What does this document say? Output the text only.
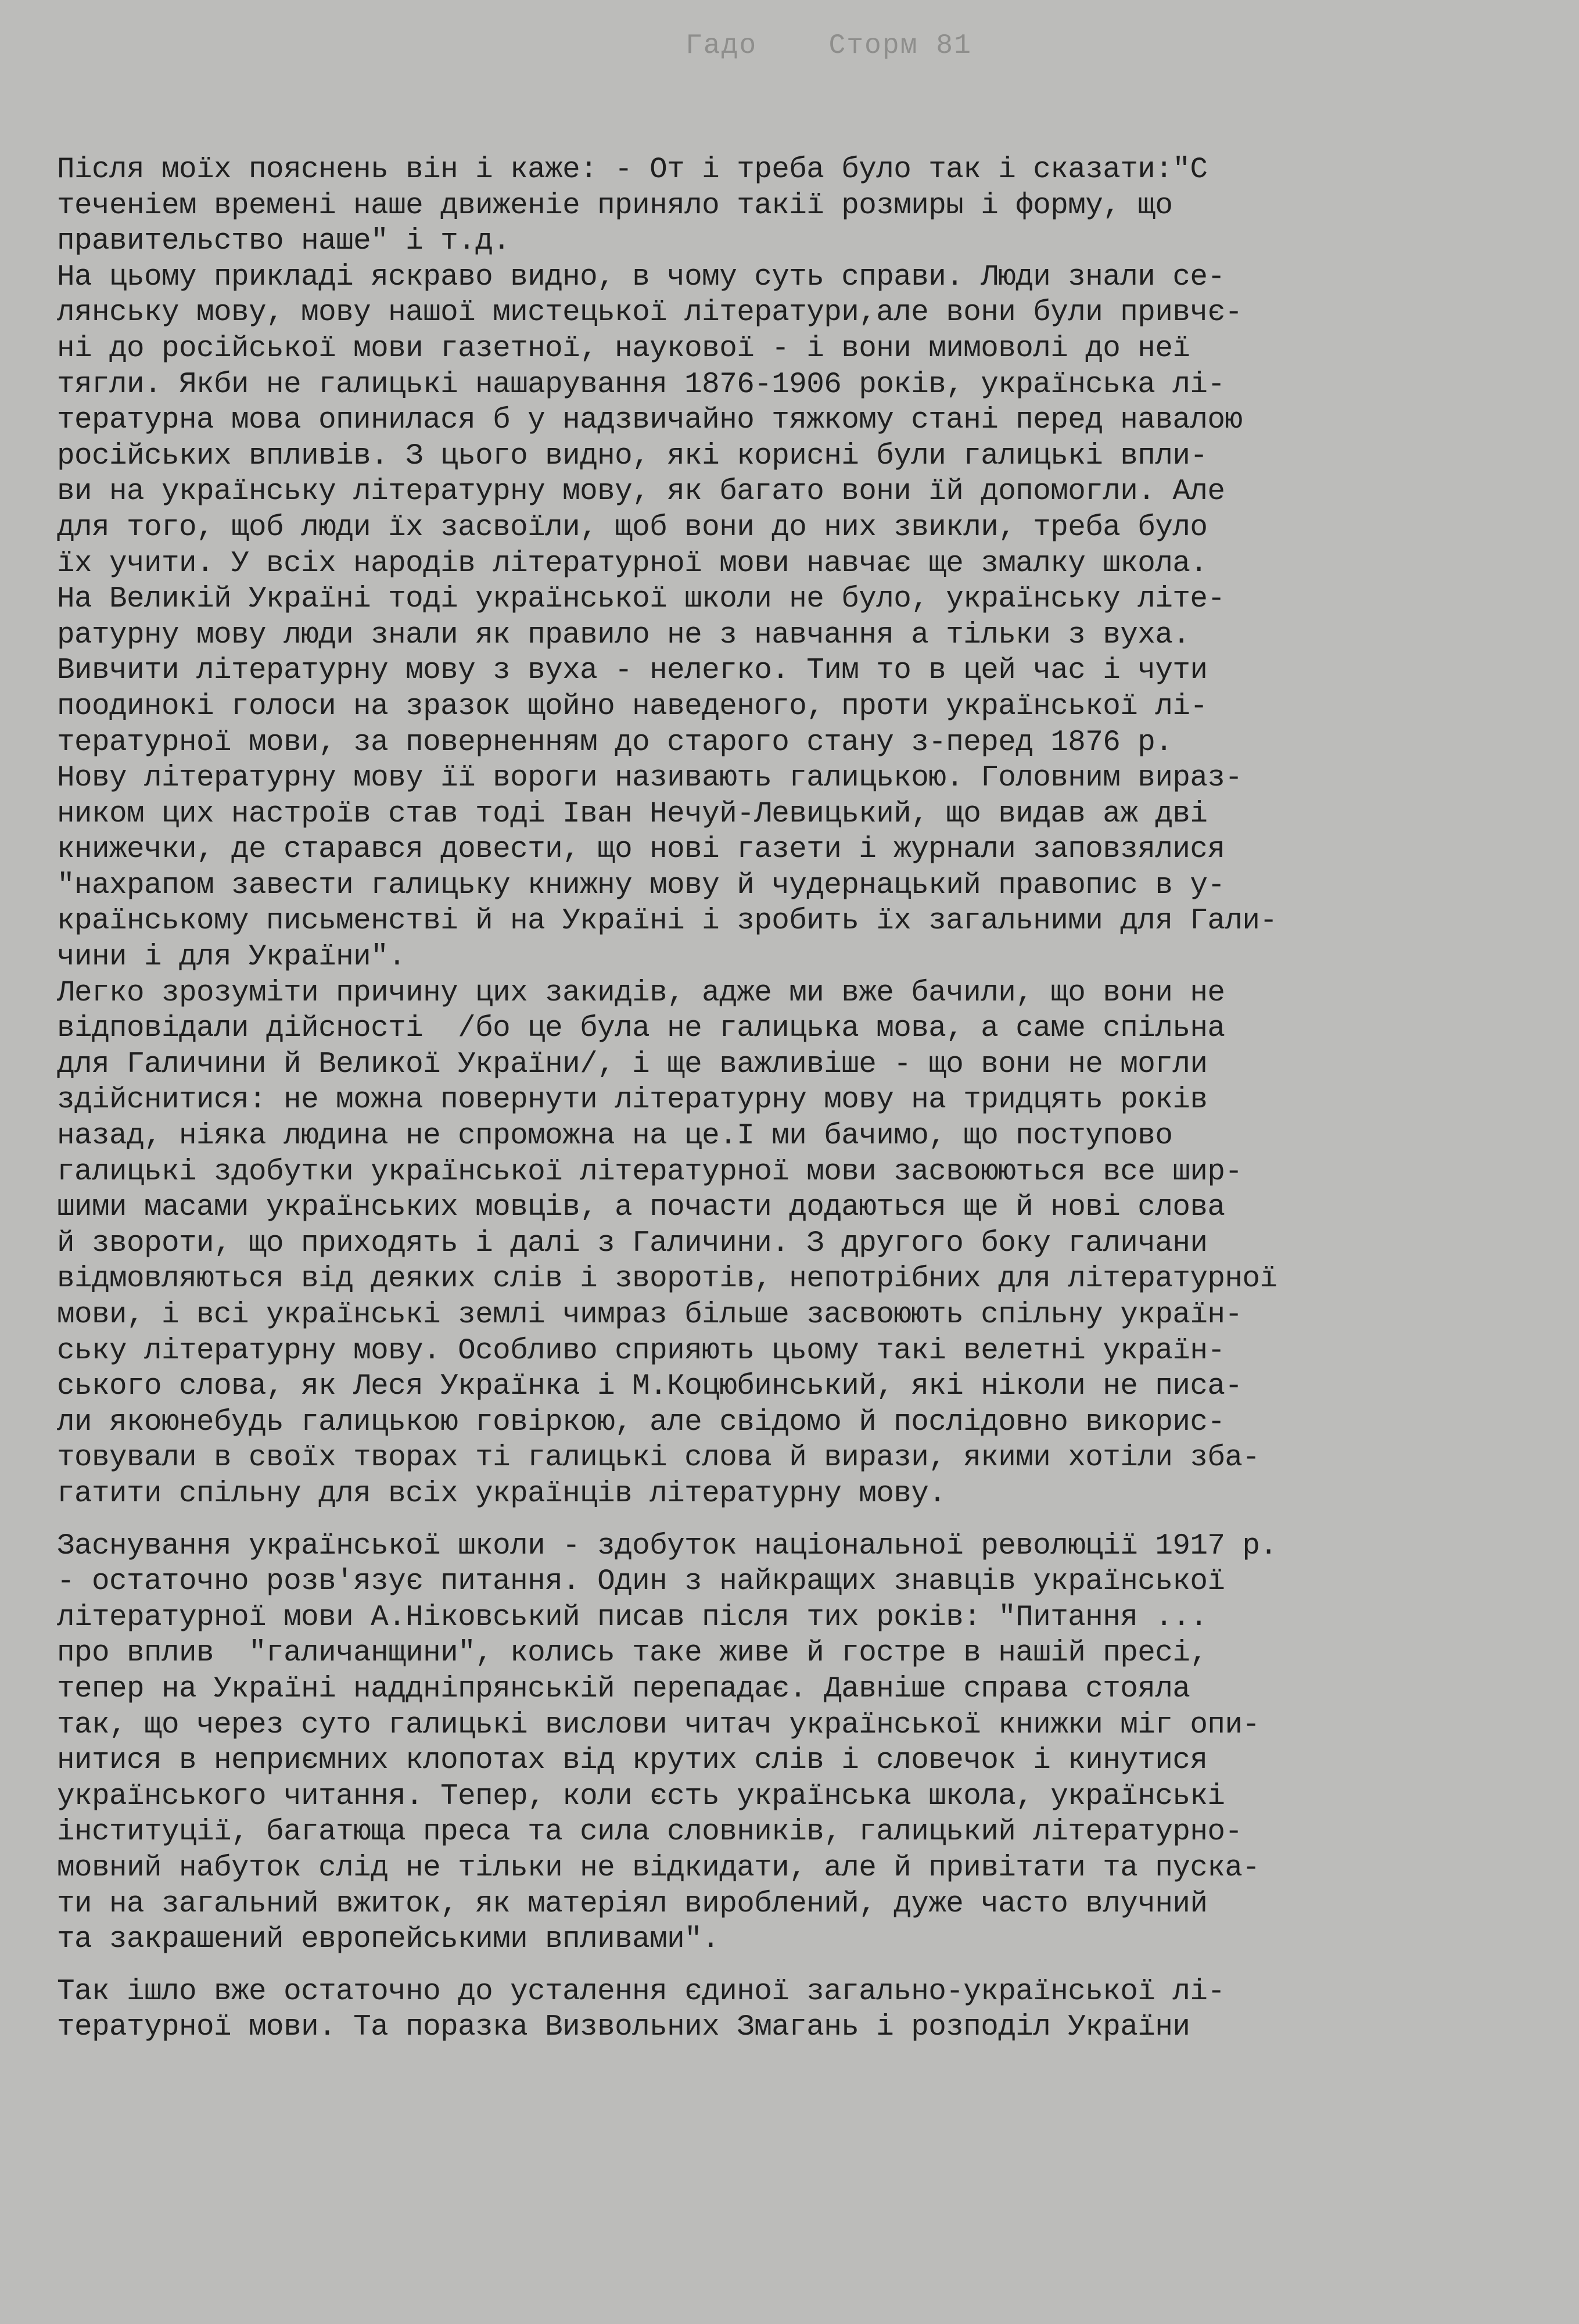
Гадо    Сторм 81
Після моїх пояснень він і каже: - От і треба було так і сказати:"С
теченіем времені наше движеніе приняло такії розмиры і форму, що
правительство наше" і т.д.
На цьому прикладі яскраво видно, в чому суть справи. Люди знали се-
лянську мову, мову нашої мистецької літератури,але вони були привчє-
ні до російської мови газетної, наукової - і вони мимоволі до неї
тягли. Якби не галицькі нашарування 1876-1906 років, українська лі-
тературна мова опинилася б у надзвичайно тяжкому стані перед навалою
російських впливів. З цього видно, які корисні були галицькі впли-
ви на українську літературну мову, як багато вони їй допомогли. Але
для того, щоб люди їх засвоїли, щоб вони до них звикли, треба було
їх учити. У всіх народів літературної мови навчає ще змалку школа.
На Великій Україні тоді української школи не було, українську літе-
ратурну мову люди знали як правило не з навчання а тільки з вуха.
Вивчити літературну мову з вуха - нелегко. Тим то в цей час і чути
поодинокі голоси на зразок щойно наведеного, проти української лі-
тературної мови, за поверненням до старого стану з-перед 1876 р.
Нову літературну мову її вороги називають галицькою. Головним вираз-
ником цих настроїв став тоді Іван Нечуй-Левицький, що видав аж дві
книжечки, де старався довести, що нові газети і журнали заповзялися
"нахрапом завести галицьку книжну мову й чудернацький правопис в у-
країнському письменстві й на Україні і зробить їх загальними для Гали-
чини і для України".
Легко зрозуміти причину цих закидів, адже ми вже бачили, що вони не
відповідали дійсності  /бо це була не галицька мова, а саме спільна
для Галичини й Великої України/, і ще важливіше - що вони не могли
здійснитися: не можна повернути літературну мову на тридцять років
назад, ніяка людина не спроможна на це.І ми бачимо, що поступово
галицькі здобутки української літературної мови засвоюються все шир-
шими масами українських мовців, а почасти додаються ще й нові слова
й звороти, що приходять і далі з Галичини. З другого боку галичани
відмовляються від деяких слів і зворотів, непотрібних для літературної
мови, і всі українські землі чимраз більше засвоюють спільну україн-
ську літературну мову. Особливо сприяють цьому такі велетні україн-
ського слова, як Леся Українка і М.Коцюбинський, які ніколи не писа-
ли якоюнебудь галицькою говіркою, але свідомо й послідовно викорис-
товували в своїх творах ті галицькі слова й вирази, якими хотіли зба-
гатити спільну для всіх українців літературну мову.
Заснування української школи - здобуток національної революції 1917 р.
- остаточно розв'язує питання. Один з найкращих знавців української
літературної мови А.Ніковський писав після тих років: "Питання ...
про вплив  "галичанщини", колись таке живе й гостре в нашій пресі,
тепер на Україні наддніпрянській перепадає. Давніше справа стояла
так, що через суто галицькі вислови читач української книжки міг опи-
нитися в неприємних клопотах від крутих слів і словечок і кинутися
українського читання. Тепер, коли єсть українська школа, українські
інституції, багатюща преса та сила словників, галицький літературно-
мовний набуток слід не тільки не відкидати, але й привітати та пуска-
ти на загальний вжиток, як матеріял вироблений, дуже часто влучний
та закрашений европейськими впливами".
Так ішло вже остаточно до усталення єдиної загально-української лі-
тературної мови. Та поразка Визвольних Змагань і розподіл України
